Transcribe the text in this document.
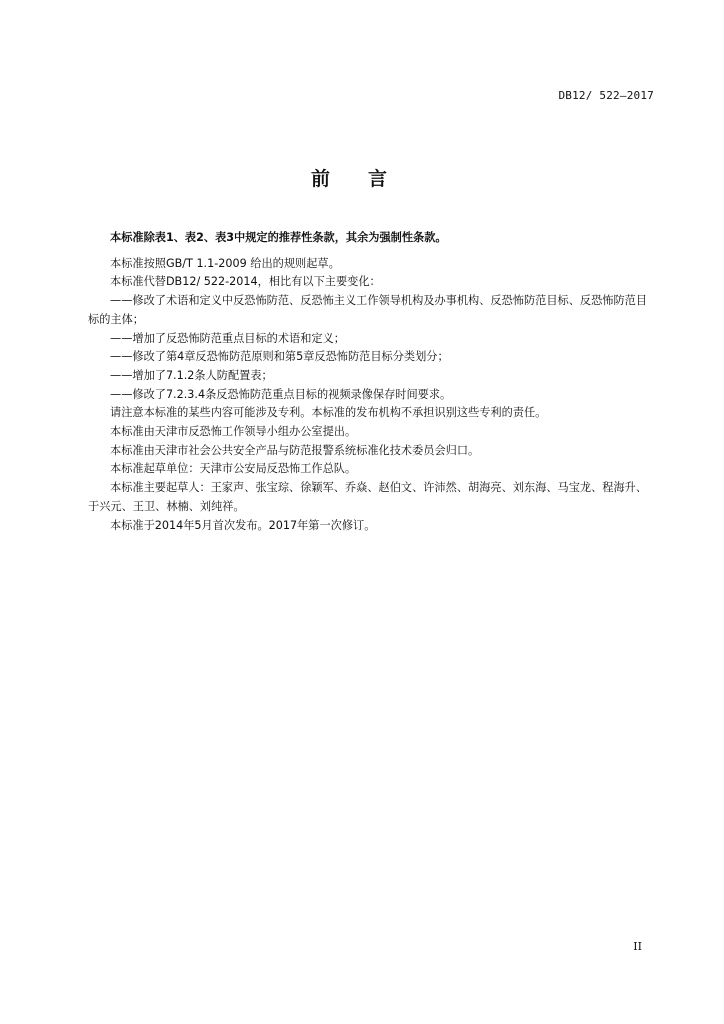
DB12/ 522—2017
前言

本标准除表1、表2、表3中规定的推荐性条款，其余为强制性条款。

本标准按照GB/T 1.1-2009 给出的规则起草。

本标准代替DB12/ 522-2014，相比有以下主要变化：

——修改了术语和定义中反恐怖防范、反恐怖主义工作领导机构及办事机构、反恐怖防范目标、反恐怖防范目标的主体；

——增加了反恐怖防范重点目标的术语和定义；

——修改了第4章反恐怖防范原则和第5章反恐怖防范目标分类划分；

——增加了7.1.2条人防配置表；

——修改了7.2.3.4条反恐怖防范重点目标的视频录像保存时间要求。

请注意本标准的某些内容可能涉及专利。本标准的发布机构不承担识别这些专利的责任。

本标准由天津市反恐怖工作领导小组办公室提出。

本标准由天津市社会公共安全产品与防范报警系统标准化技术委员会归口。

本标准起草单位：天津市公安局反恐怖工作总队。

本标准主要起草人：王家声、张宝琮、徐颖军、乔焱、赵伯文、许沛然、胡海亮、刘东海、马宝龙、程海升、于兴元、王卫、林楠、刘纯祥。

本标准于2014年5月首次发布。2017年第一次修订。

II
